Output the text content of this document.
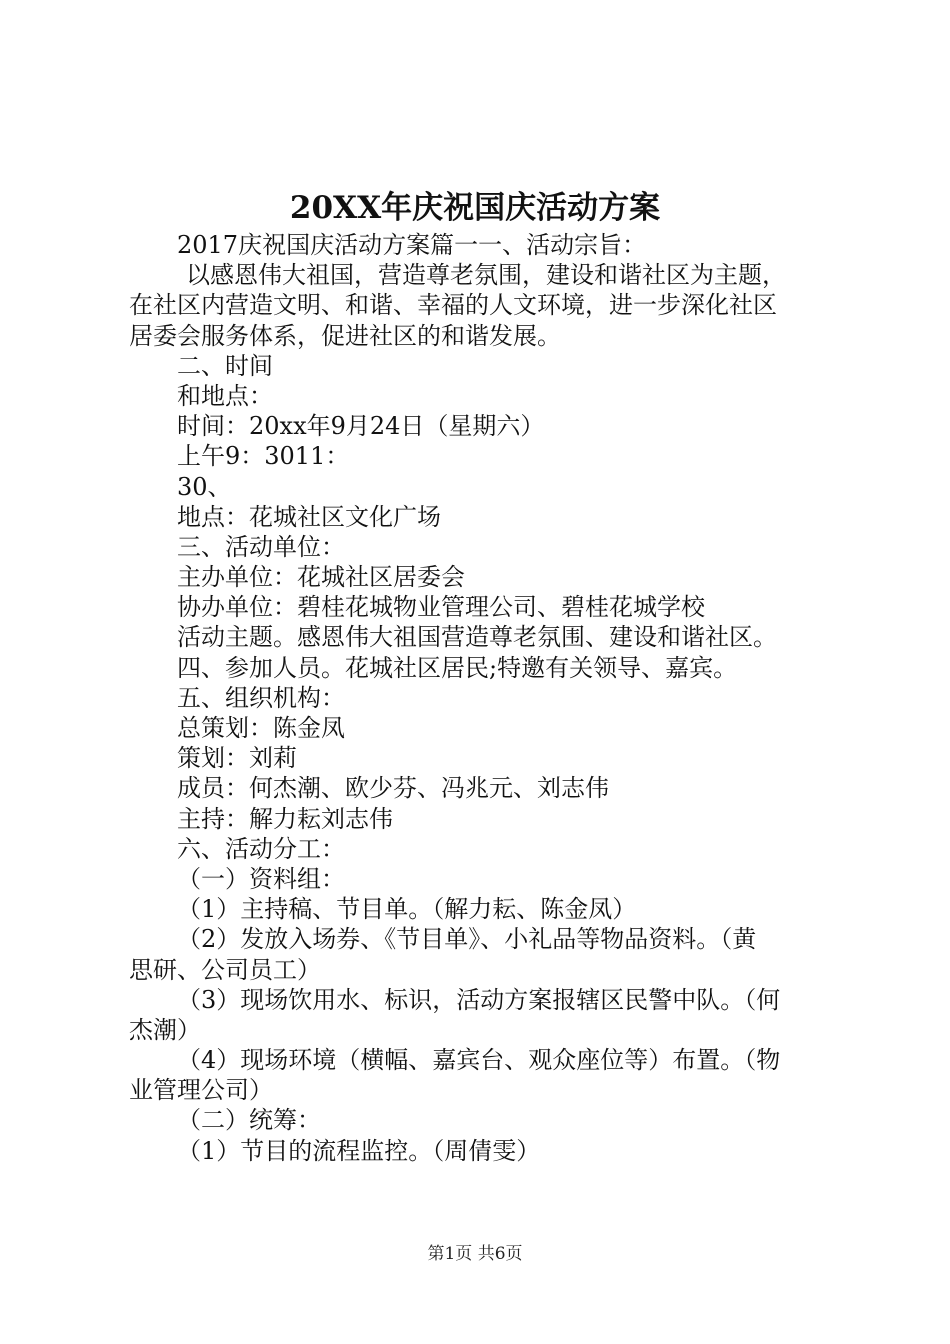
20XX年庆祝国庆活动方案
2017庆祝国庆活动方案篇一一、活动宗旨：
以感恩伟大祖国，营造尊老氛围，建设和谐社区为主题，
在社区内营造文明、和谐、幸福的人文环境，进一步深化社区
居委会服务体系，促进社区的和谐发展。
二、时间
和地点：
时间：20xx年9月24日（星期六）
上午9：3011：
30、
地点：花城社区文化广场
三、活动单位：
主办单位：花城社区居委会
协办单位：碧桂花城物业管理公司、碧桂花城学校
活动主题。感恩伟大祖国营造尊老氛围、建设和谐社区。
四、参加人员。花城社区居民;特邀有关领导、嘉宾。
五、组织机构：
总策划：陈金凤
策划：刘莉
成员：何杰潮、欧少芬、冯兆元、刘志伟
主持：解力耘刘志伟
六、活动分工：
（一）资料组：
（1）主持稿、节目单。（解力耘、陈金凤）
（2）发放入场券、《节目单》、小礼品等物品资料。（黄
思研、公司员工）
（3）现场饮用水、标识，活动方案报辖区民警中队。（何
杰潮）
（4）现场环境（横幅、嘉宾台、观众座位等）布置。（物
业管理公司）
（二）统筹：
（1）节目的流程监控。（周倩雯）
第1页 共6页
